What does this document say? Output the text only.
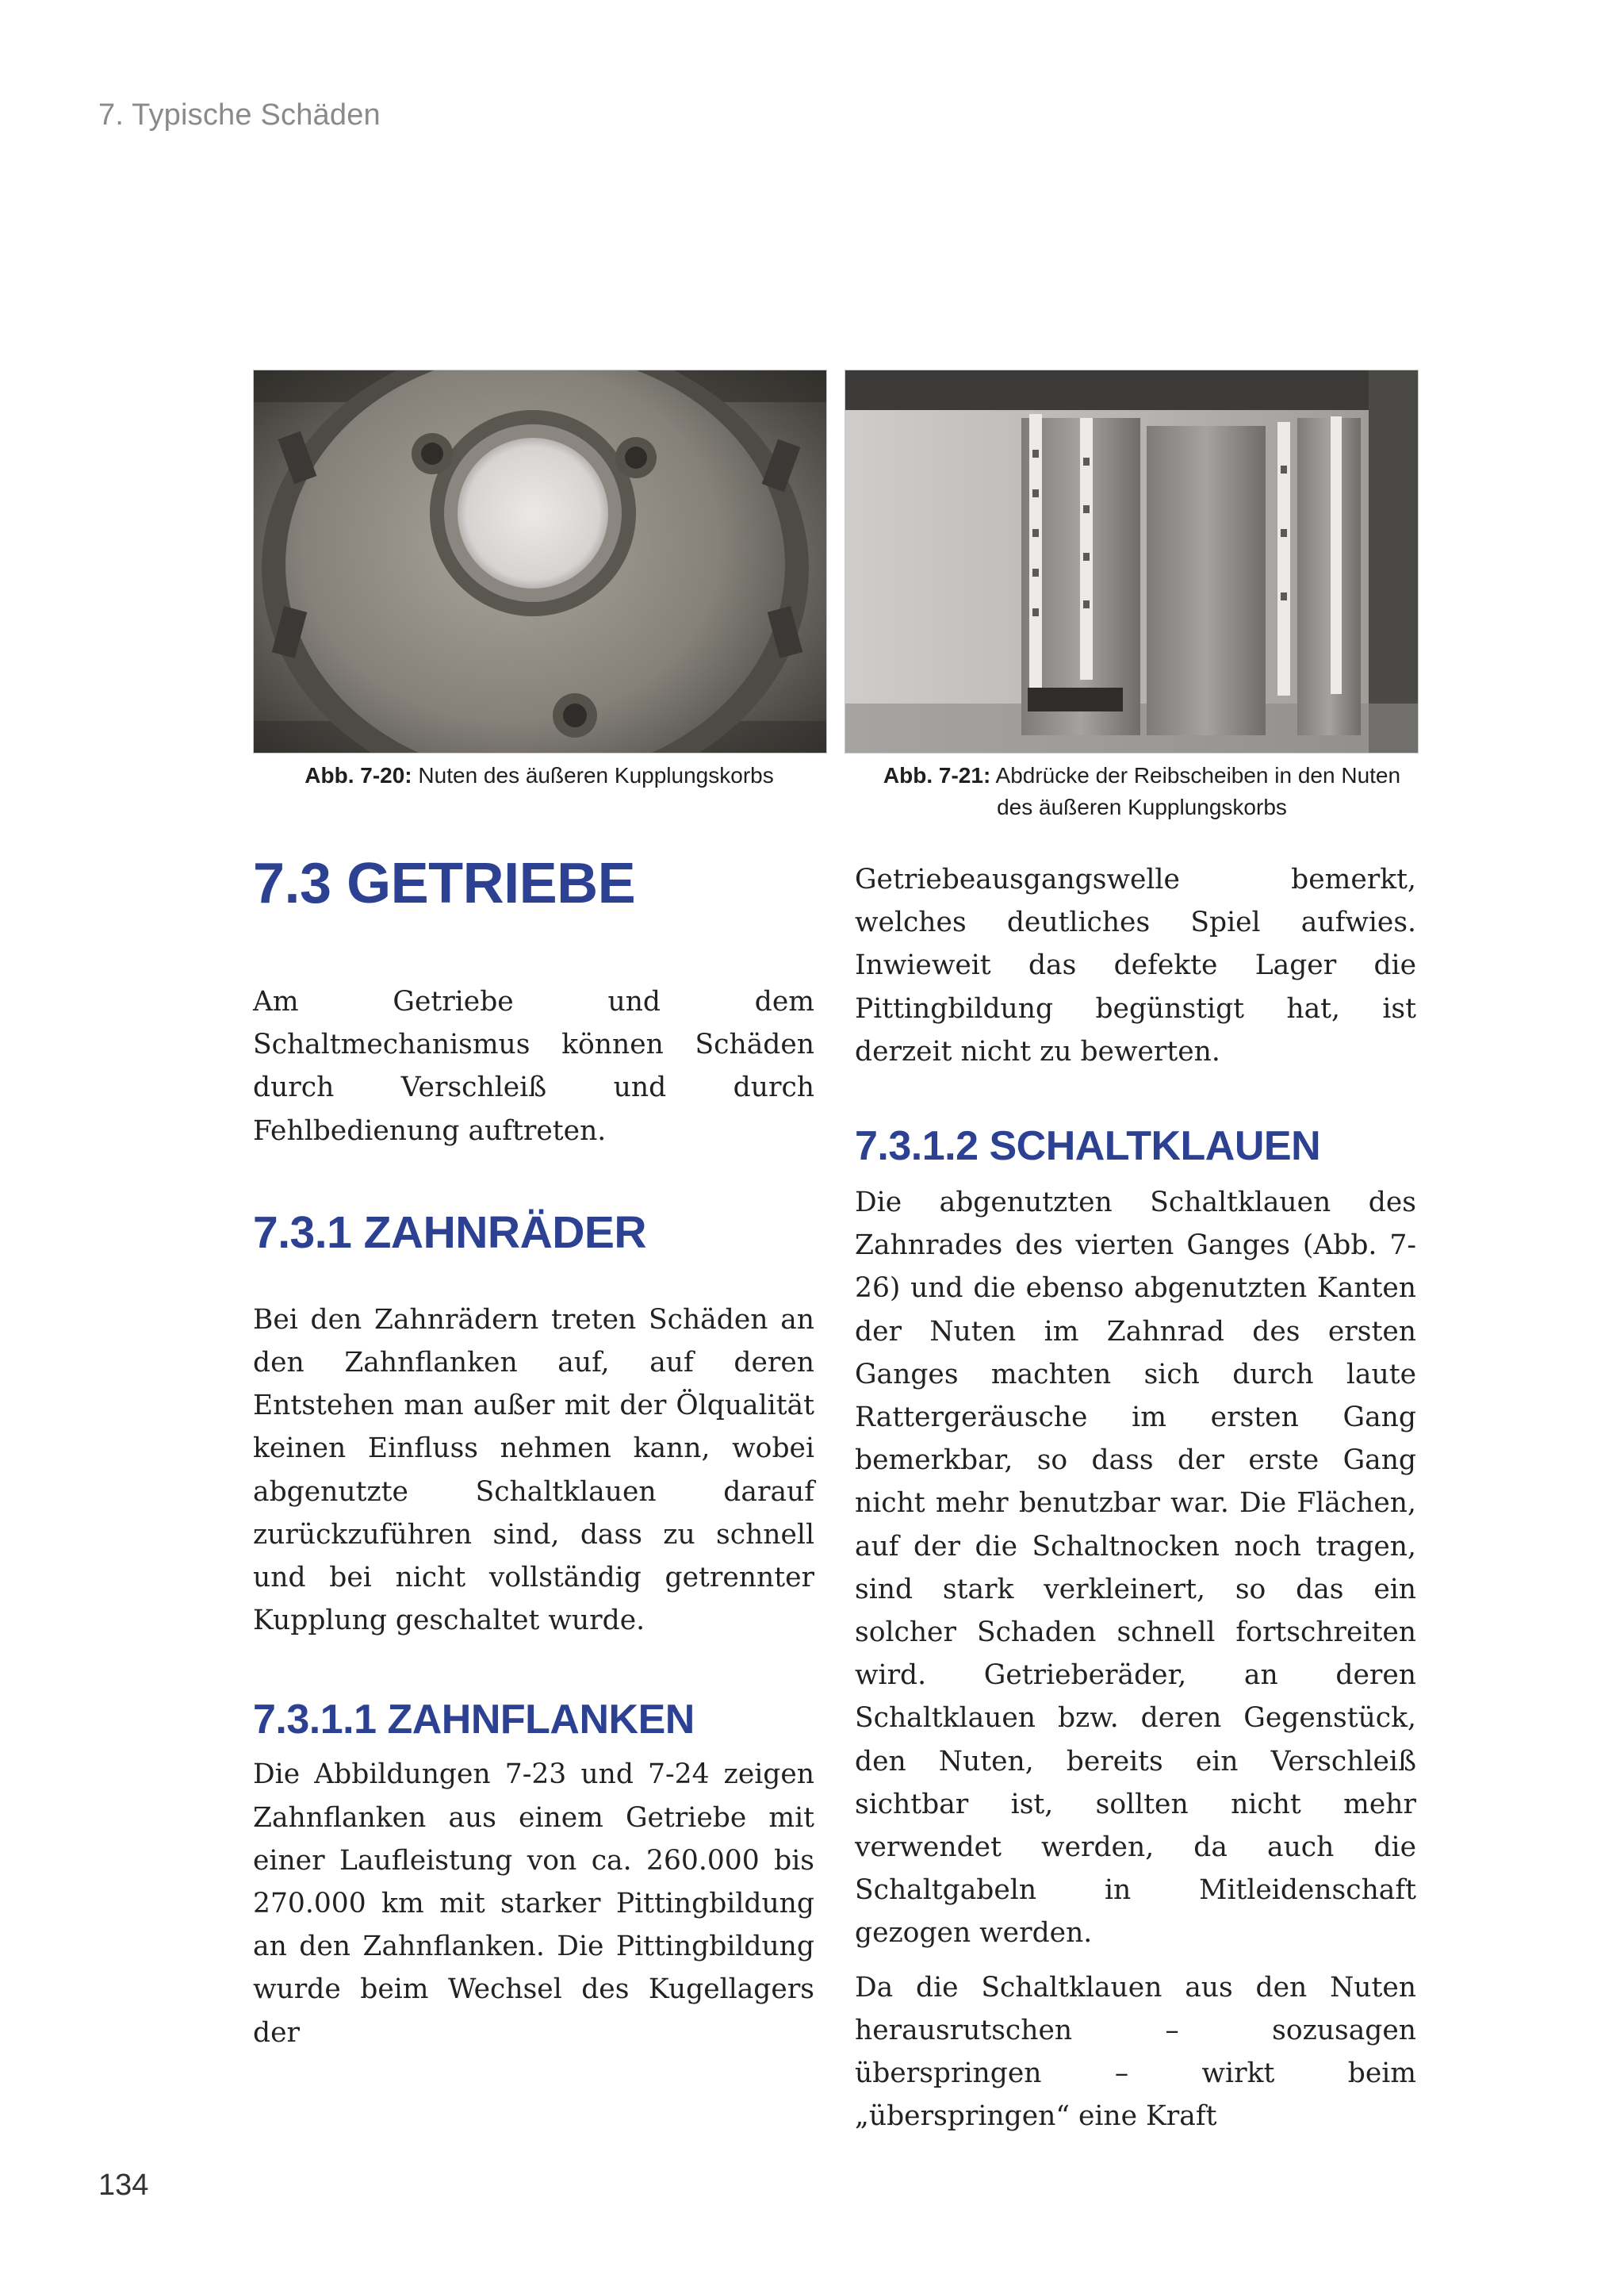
7. Typische Schäden
Abb. 7-20: Nuten des äußeren Kupplungskorbs	Abb. 7-21: Abdrücke der Reibscheiben in den Nuten
des äußeren Kupplungskorbs
7.3 GETRIEBE

Am Getriebe und dem Schaltmechanismus können Schäden durch Verschleiß und durch Fehlbedienung auftreten.

7.3.1 ZAHNRÄDER

Bei den Zahnrädern treten Schäden an den Zahnflanken auf, auf deren Entstehen man außer mit der Ölqualität keinen Einfluss nehmen kann, wobei abgenutzte Schaltklauen darauf zurückzuführen sind, dass zu schnell und bei nicht vollständig getrennter Kupplung geschaltet wurde.

7.3.1.1 ZAHNFLANKEN

Die Abbildungen 7-23 und 7-24 zeigen Zahnflanken aus einem Getriebe mit einer Laufleistung von ca. 260.000 bis 270.000 km mit starker Pittingbildung an den Zahnflanken. Die Pittingbildung wurde beim Wechsel des Kugellagers der

Getriebeausgangswelle bemerkt, welches deutliches Spiel aufwies. Inwieweit das defekte Lager die Pittingbildung begünstigt hat, ist derzeit nicht zu bewerten.

7.3.1.2 SCHALTKLAUEN

Die abgenutzten Schaltklauen des Zahnrades des vierten Ganges (Abb. 7-26) und die ebenso abgenutzten Kanten der Nuten im Zahnrad des ersten Ganges machten sich durch laute Rattergeräusche im ersten Gang bemerkbar, so dass der erste Gang nicht mehr benutzbar war. Die Flächen, auf der die Schaltnocken noch tragen, sind stark verkleinert, so das ein solcher Schaden schnell fortschreiten wird. Getrieberäder, an deren Schaltklauen bzw. deren Gegenstück, den Nuten, bereits ein Verschleiß sichtbar ist, sollten nicht mehr verwendet werden, da auch die Schaltgabeln in Mitleidenschaft gezogen werden.

Da die Schaltklauen aus den Nuten herausrutschen – sozusagen überspringen – wirkt beim „überspringen“ eine Kraft

134
